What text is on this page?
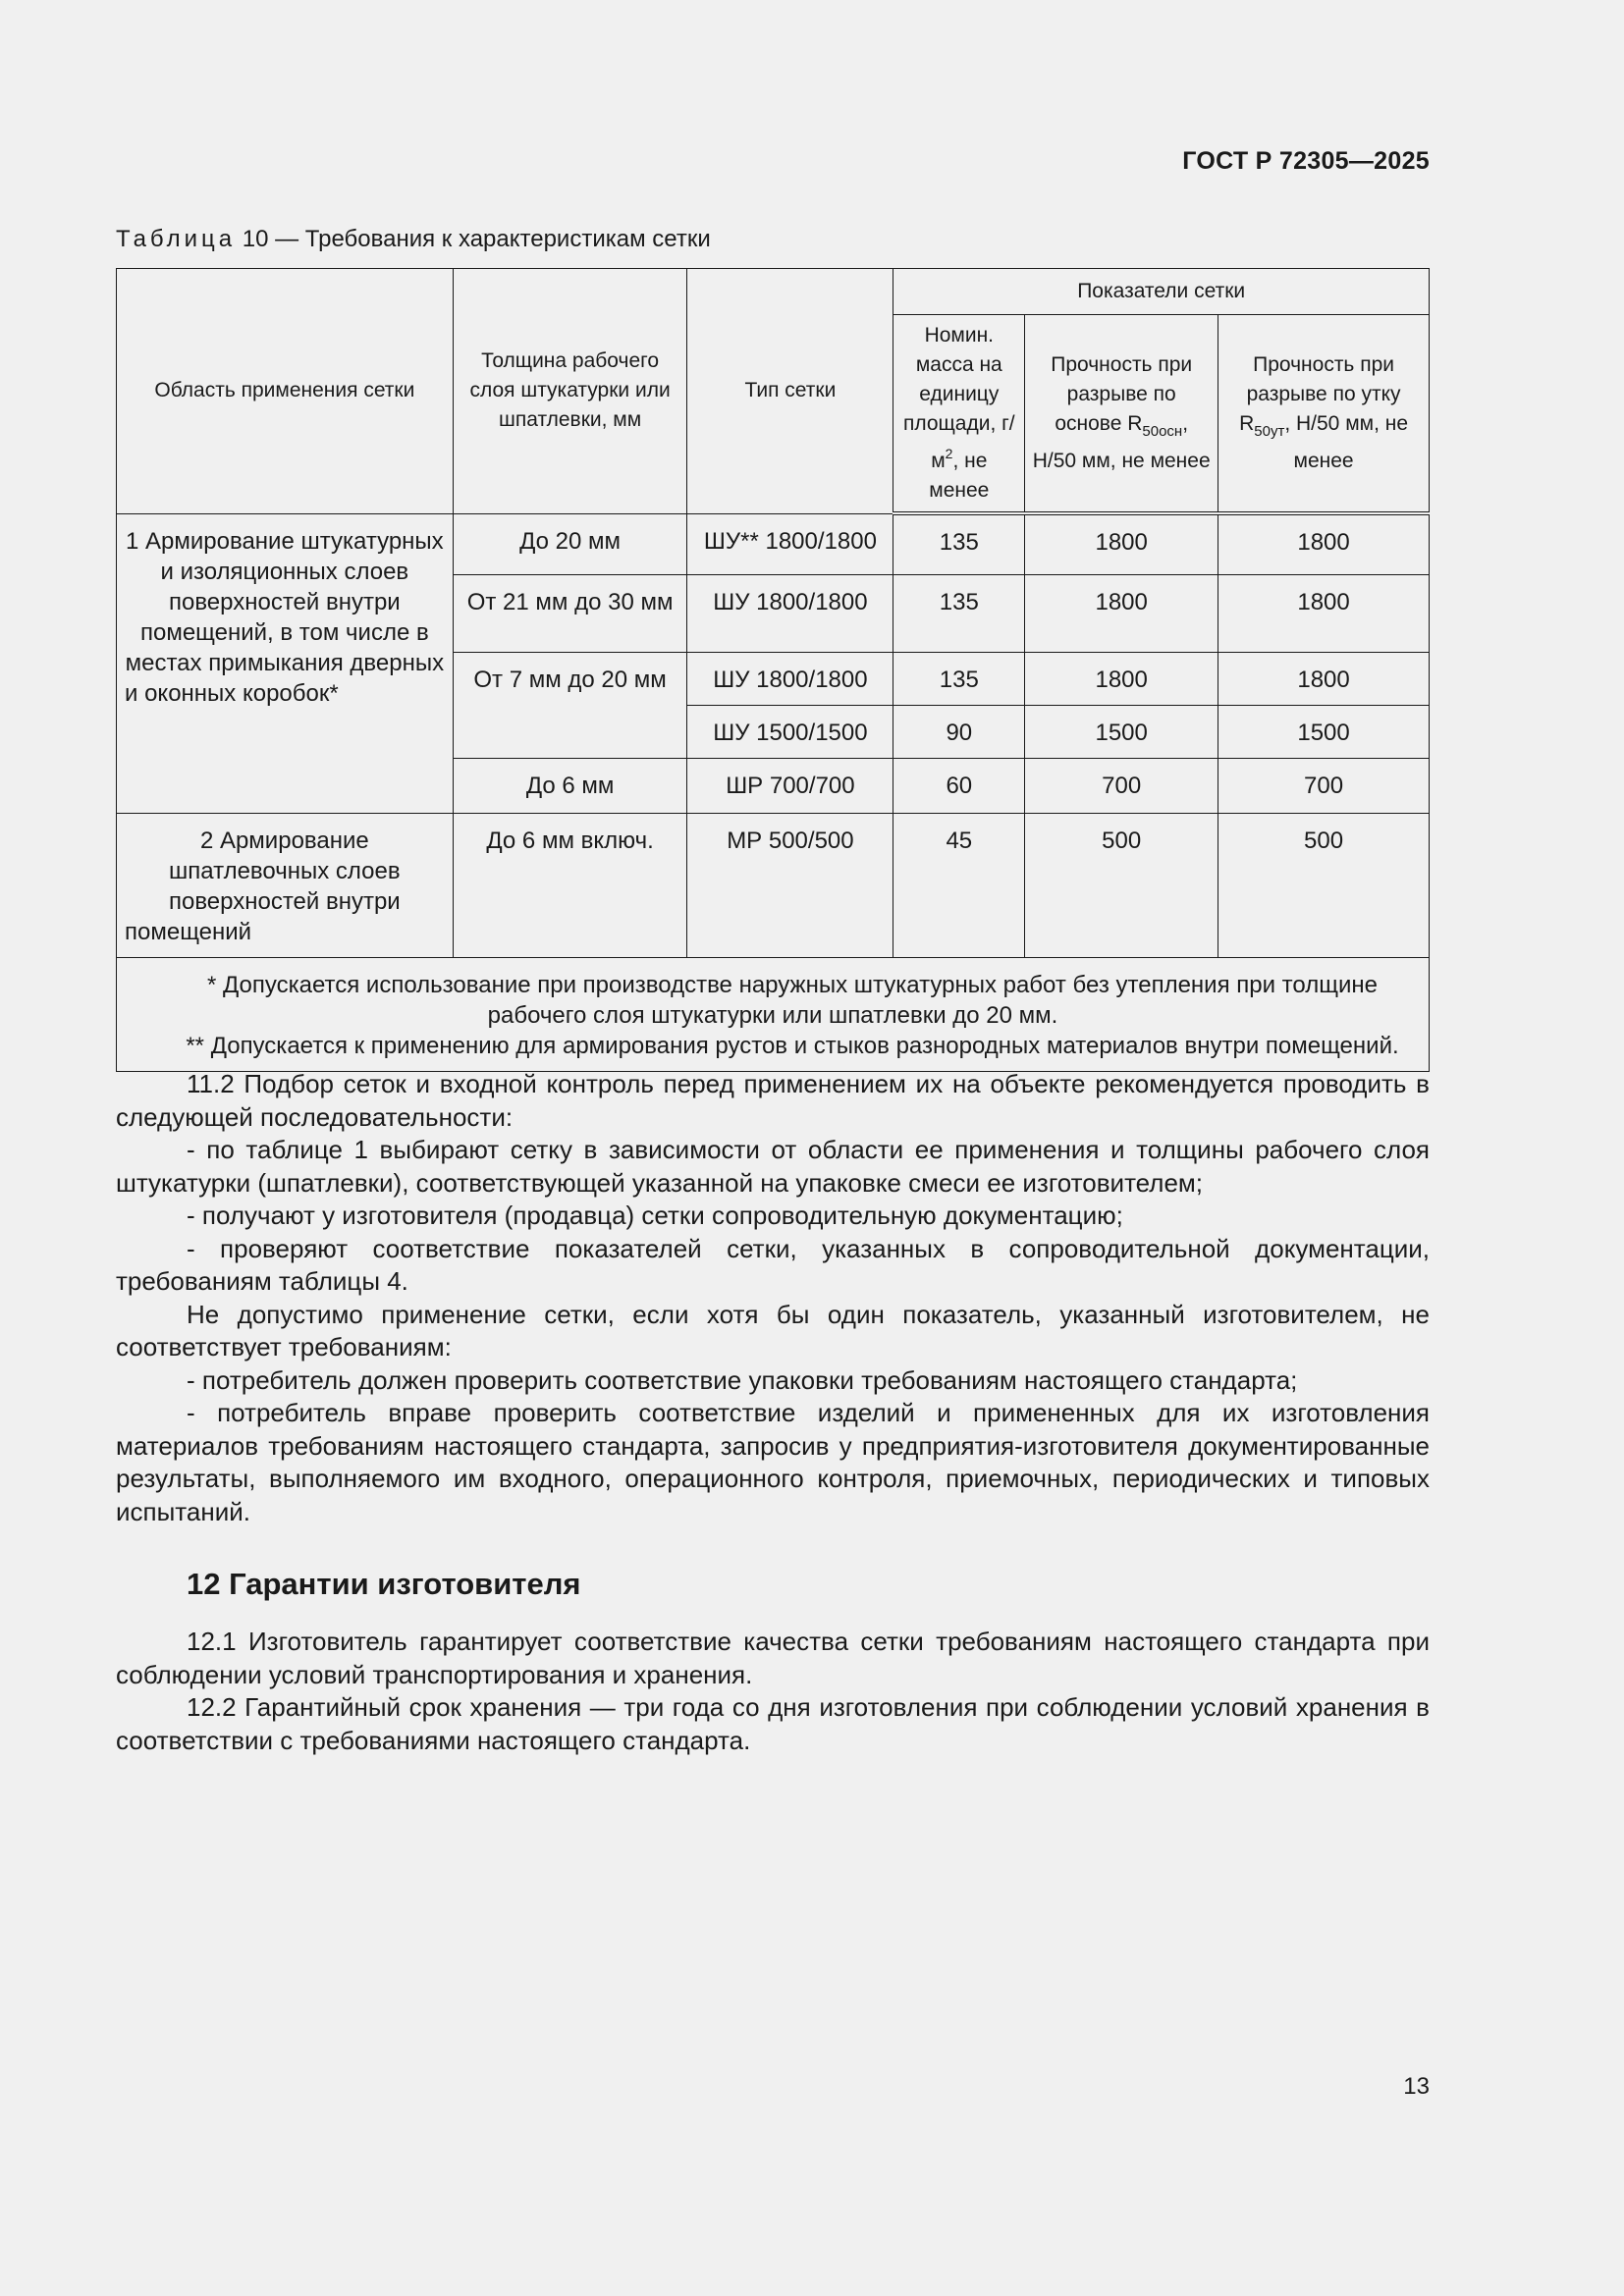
ГОСТ Р 72305—2025
Таблица 10 — Требования к характеристикам сетки
Область применения сетки	Толщина рабочего слоя штукатурки или шпатлевки, мм	Тип сетки	Показатели сетки		
			Номин. масса на единицу площади, $г/м^2$, не менее	Прочность при разрыве по основе $R_{50осн}$, Н/50 мм, не менее	Прочность при разрыве по утку $R_{50ут}$, Н/50 мм, не менее
1 Армирование штукатурных и изоляционных слоев поверхностей внутри помещений, в том числе в местах примыкания дверных и оконных коробок*	До 20 мм	ШУ** 1800/1800	135	1800	1800
	От 21 мм до 30 мм	ШУ 1800/1800	135	1800	1800
	От 7 мм до 20 мм	ШУ 1800/1800	135	1800	1800
		ШУ 1500/1500	90	1500	1500
	До 6 мм	ШР 700/700	60	700	700
2 Армирование шпатлевочных слоев поверхностей внутри помещений	До 6 мм включ.	МР 500/500	45	500	500

* Допускается использование при производстве наружных штукатурных работ без утепления при толщине рабочего слоя штукатурки или шпатлевки до 20 мм.

** Допускается к применению для армирования рустов и стыков разнородных материалов внутри помещений.					

11.2 Подбор сеток и входной контроль перед применением их на объекте рекомендуется проводить в следующей последовательности:

- по таблице 1 выбирают сетку в зависимости от области ее применения и толщины рабочего слоя штукатурки (шпатлевки), соответствующей указанной на упаковке смеси ее изготовителем;

- получают у изготовителя (продавца) сетки сопроводительную документацию;

- проверяют соответствие показателей сетки, указанных в сопроводительной документации, требованиям таблицы 4.

Не допустимо применение сетки, если хотя бы один показатель, указанный изготовителем, не соответствует требованиям:

- потребитель должен проверить соответствие упаковки требованиям настоящего стандарта;

- потребитель вправе проверить соответствие изделий и примененных для их изготовления материалов требованиям настоящего стандарта, запросив у предприятия-изготовителя документированные результаты, выполняемого им входного, операционного контроля, приемочных, периодических и типовых испытаний.

12 Гарантии изготовителя

12.1 Изготовитель гарантирует соответствие качества сетки требованиям настоящего стандарта при соблюдении условий транспортирования и хранения.

12.2 Гарантийный срок хранения — три года со дня изготовления при соблюдении условий хранения в соответствии с требованиями настоящего стандарта.

13
